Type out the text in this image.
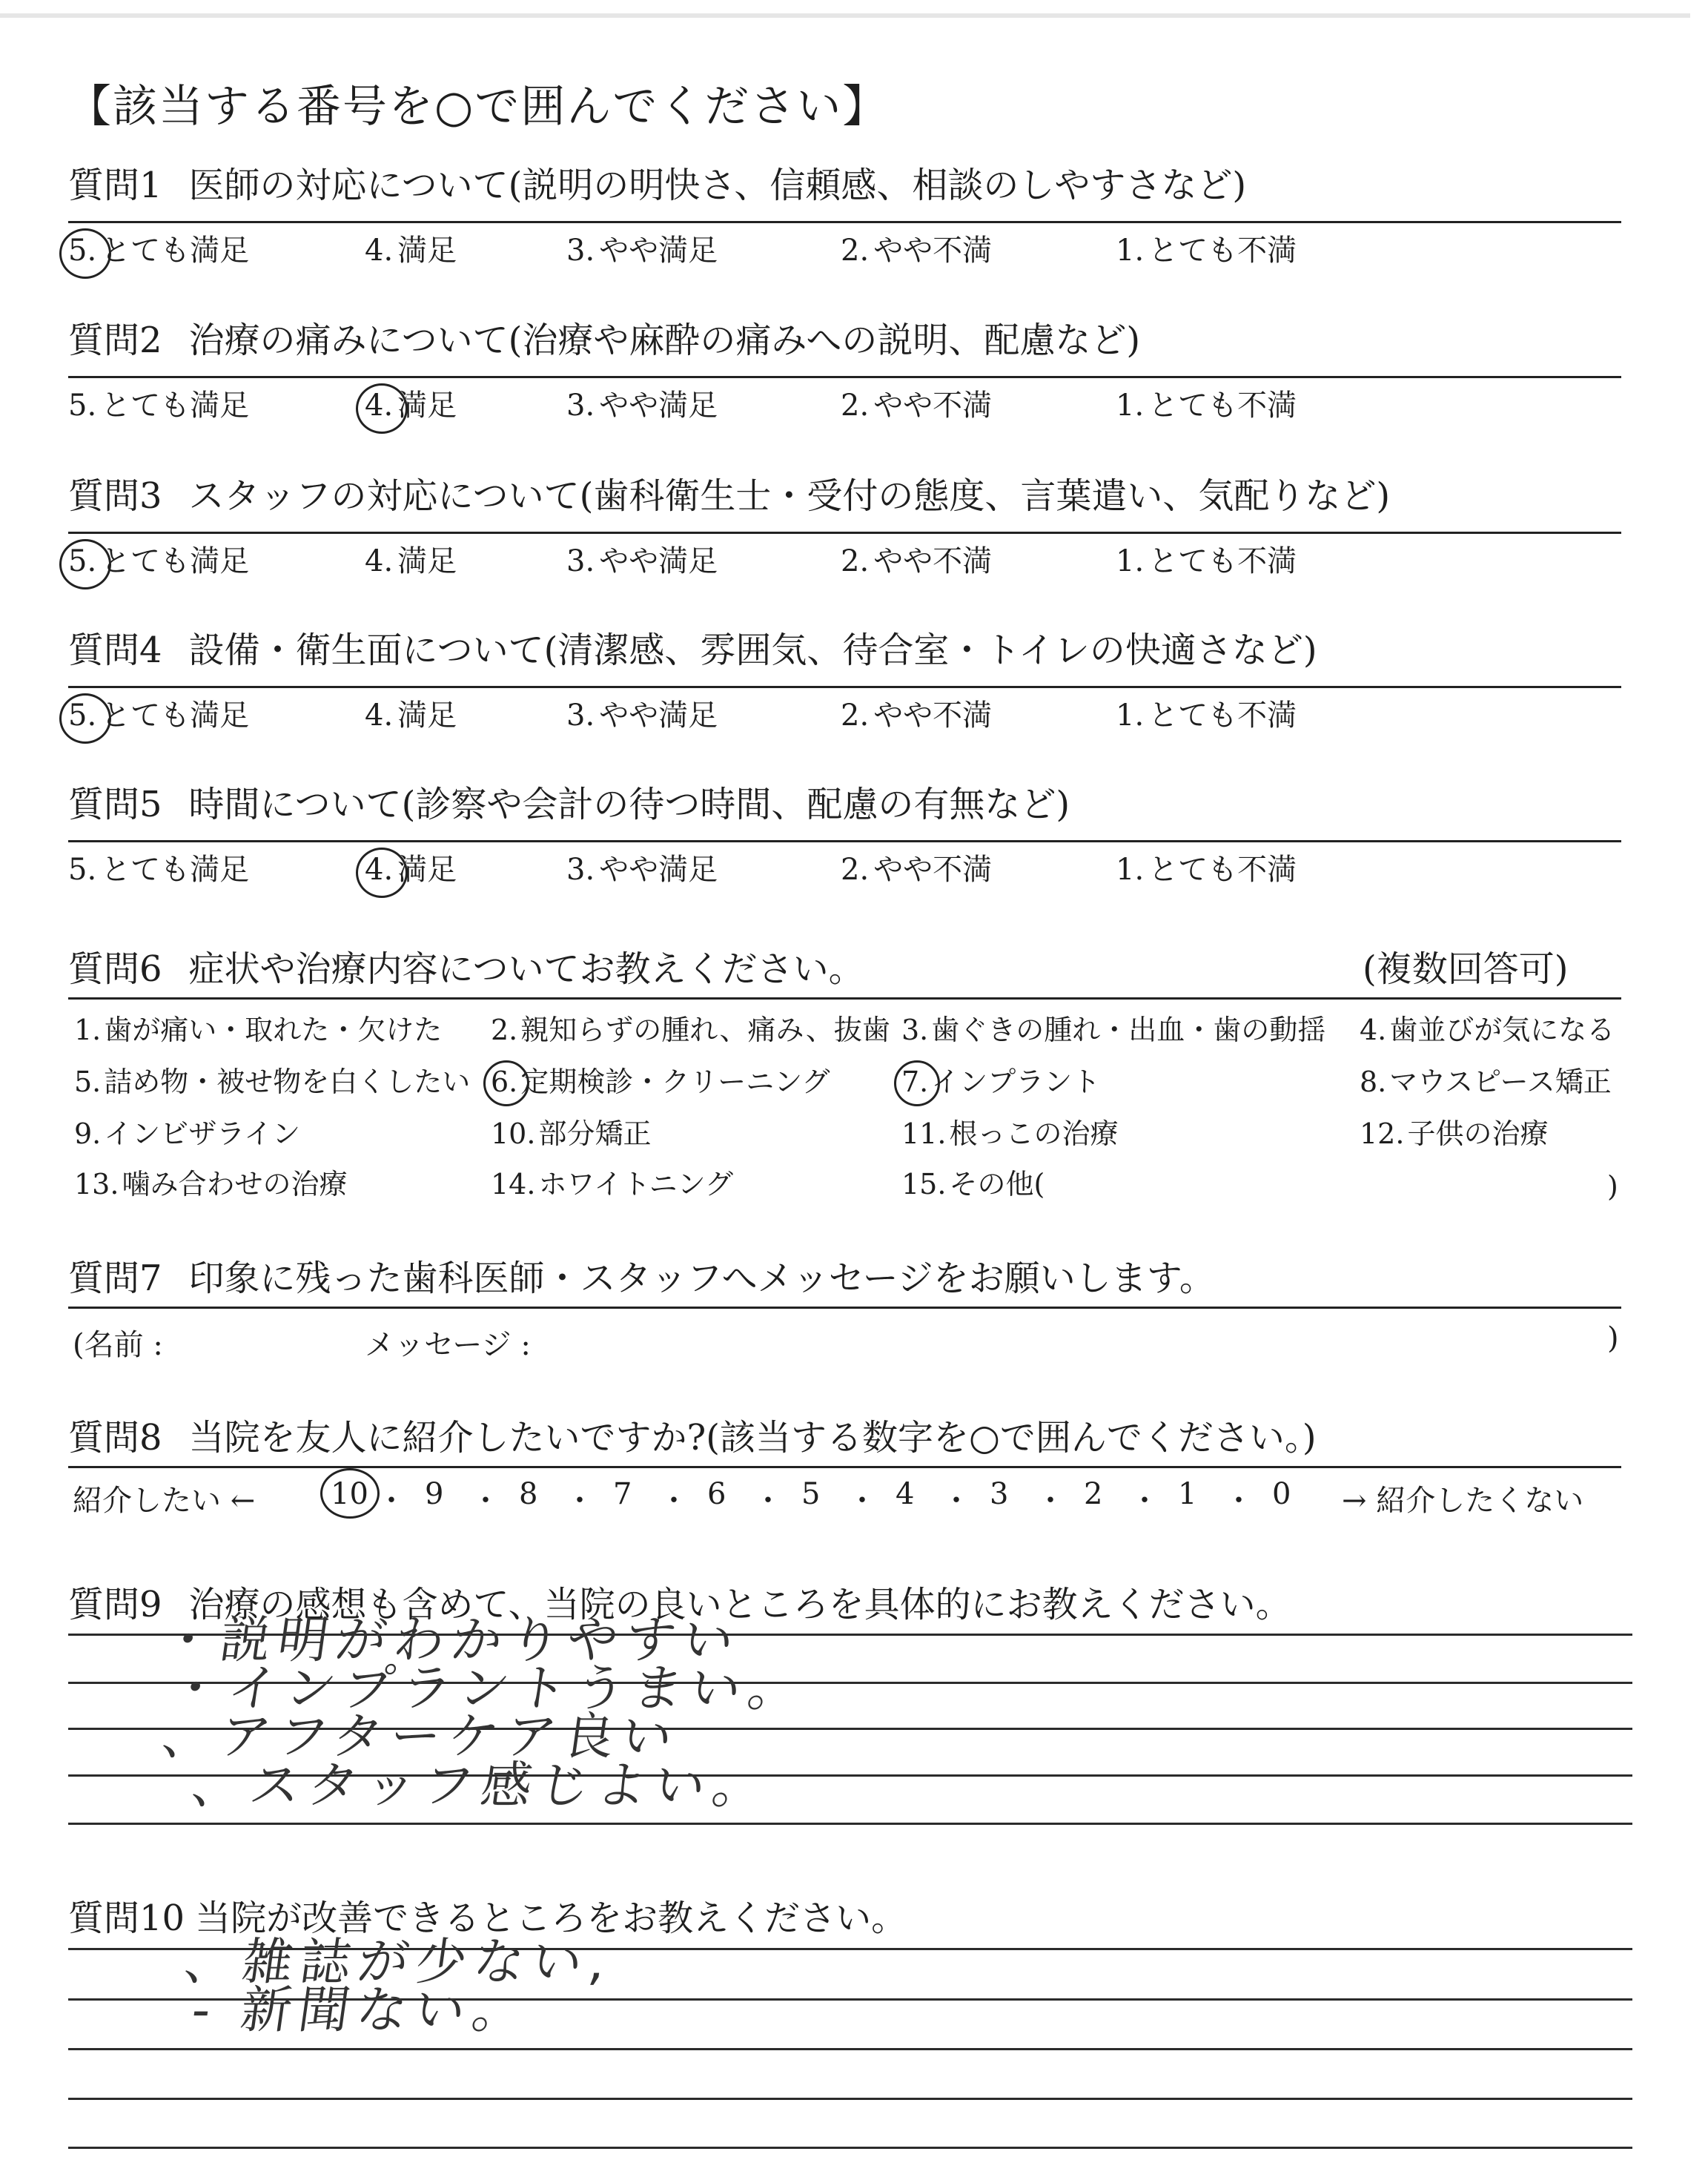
【該当する番号を○で囲んでください】
質問1 医師の対応について(説明の明快さ、信頼感、相談のしやすさなど)
5. とても満足	4. 満足	3. やや満足	2. やや不満	1. とても不満
質問2 治療の痛みについて(治療や麻酔の痛みへの説明、配慮など)
5. とても満足	4. 満足	3. やや満足	2. やや不満	1. とても不満
質問3 スタッフの対応について(歯科衛生士・受付の態度、言葉遣い、気配りなど)
5. とても満足	4. 満足	3. やや満足	2. やや不満	1. とても不満
質問4 設備・衛生面について(清潔感、雰囲気、待合室・トイレの快適さなど)
5. とても満足	4. 満足	3. やや満足	2. やや不満	1. とても不満
質問5 時間について(診察や会計の待つ時間、配慮の有無など)
5. とても満足	4. 満足	3. やや満足	2. やや不満	1. とても不満
質問6 症状や治療内容についてお教えください。	(複数回答可)
1. 歯が痛い・取れた・欠けた 2. 親知らずの腫れ、痛み、抜歯 3. 歯ぐきの腫れ・出血・歯の動揺 4. 歯並びが気になる
5. 詰め物・被せ物を白くしたい 6. 定期検診・クリーニング	7. インプラント	8. マウスピース矯正
9. インビザライン	10. 部分矯正	11. 根っこの治療	12. 子供の治療
13. 噛み合わせの治療	14. ホワイトニング	15. その他(	)
質問7 印象に残った歯科医師・スタッフへメッセージをお願いします。
(名前 :	メッセージ :	)
質問8 当院を友人に紹介したいですか?(該当する数字を○で囲んでください。)
紹介したい ←	10 ・ 9 ・ 8 ・ 7 ・ 6 ・ 5 ・ 4 ・ 3 ・ 2 ・ 1 ・ 0 → 紹介したくない
質問9 治療の感想も含めて、当院の良いところを具体的にお教えください。
・説明がわかりやすい
・インプラントうまい。
、アフターケア良い
、スタッフ感じよい。
質問10 当院が改善できるところをお教えください。
、雑誌が少ない,
- 新聞ない。
